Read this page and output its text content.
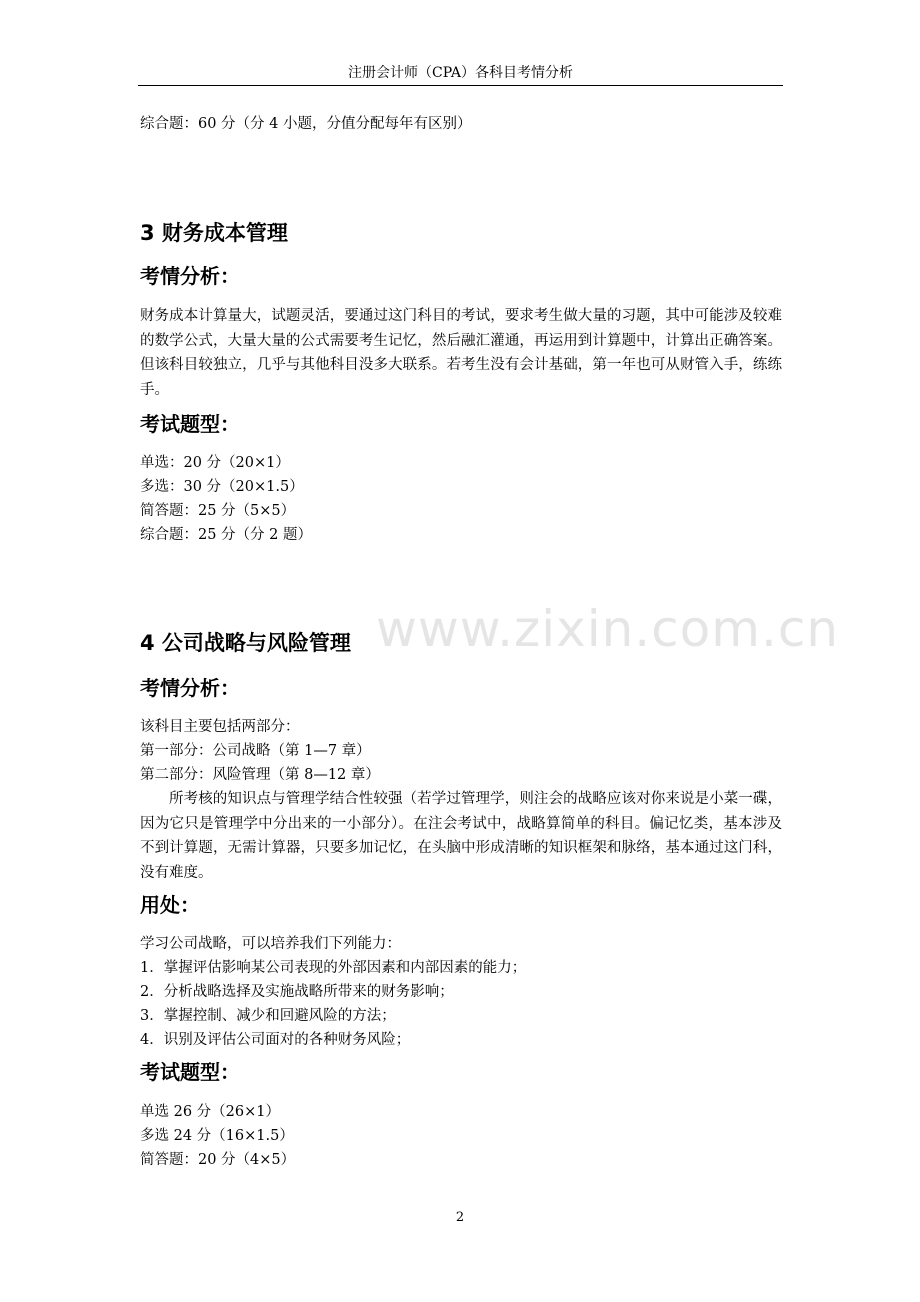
注册会计师（CPA）各科目考情分析
综合题：60 分（分 4 小题，分值分配每年有区别）
3 财务成本管理
考情分析：
财务成本计算量大，试题灵活，要通过这门科目的考试，要求考生做大量的习题，其中可能涉及较难的数学公式，大量大量的公式需要考生记忆，然后融汇灌通，再运用到计算题中，计算出正确答案。但该科目较独立，几乎与其他科目没多大联系。若考生没有会计基础，第一年也可从财管入手，练练手。
考试题型：
单选：20 分（20×1）
多选：30 分（20×1.5）
简答题：25 分（5×5）
综合题：25 分（分 2 题）
www.zixin.com.cn
4 公司战略与风险管理
考情分析：
该科目主要包括两部分：
第一部分：公司战略（第 1—7 章）
第二部分：风险管理（第 8—12 章）
所考核的知识点与管理学结合性较强（若学过管理学，则注会的战略应该对你来说是小菜一碟，因为它只是管理学中分出来的一小部分）。在注会考试中，战略算简单的科目。偏记忆类，基本涉及不到计算题，无需计算器，只要多加记忆，在头脑中形成清晰的知识框架和脉络，基本通过这门科，没有难度。
用处：
学习公司战略，可以培养我们下列能力：
1．掌握评估影响某公司表现的外部因素和内部因素的能力；
2．分析战略选择及实施战略所带来的财务影响；
3．掌握控制、减少和回避风险的方法；
4．识别及评估公司面对的各种财务风险；
考试题型：
单选 26 分（26×1）
多选 24 分（16×1.5）
简答题：20 分（4×5）
2
